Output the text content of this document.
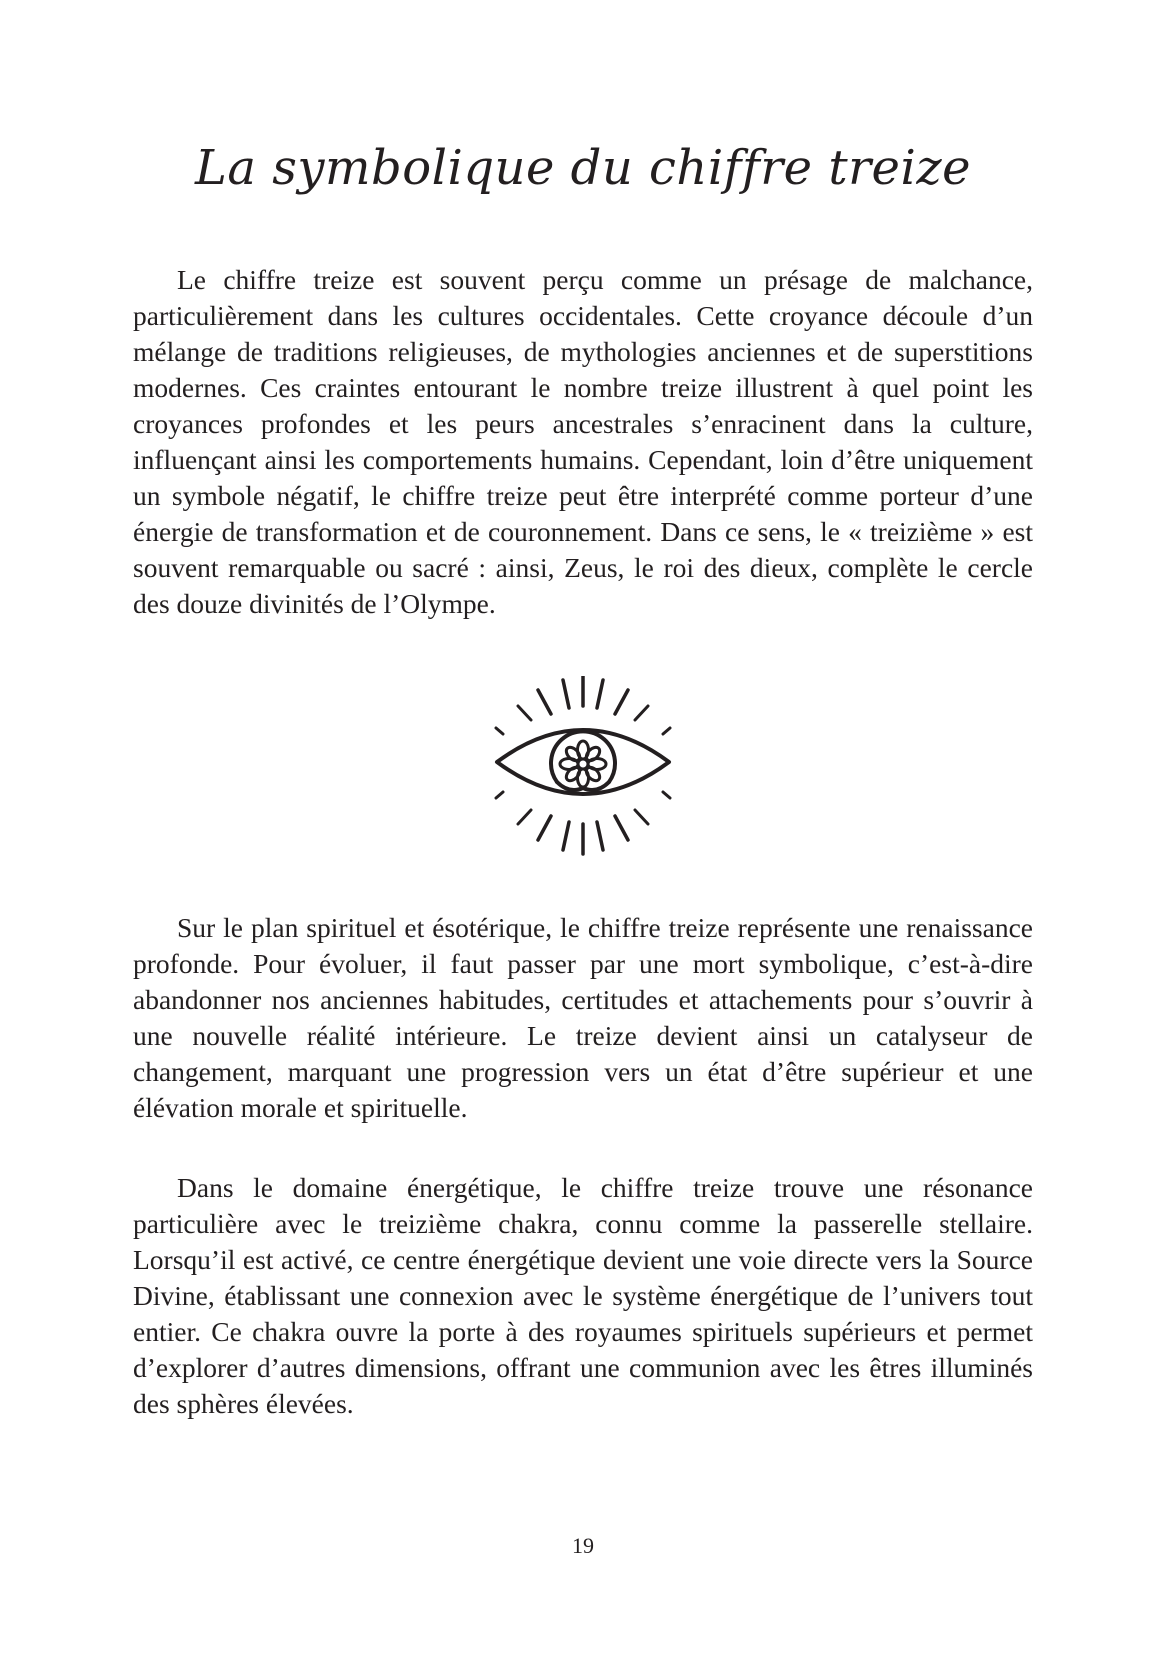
La symbolique du chiffre treize

Le chiffre treize est souvent perçu comme un présage de malchance, particulièrement dans les cultures occidentales. Cette croyance découle d’un mélange de traditions religieuses, de mythologies anciennes et de superstitions modernes. Ces craintes entourant le nombre treize illustrent à quel point les croyances profondes et les peurs ancestrales s’enracinent dans la culture, influençant ainsi les comportements humains. Cependant, loin d’être uniquement un symbole négatif, le chiffre treize peut être interprété comme porteur d’une énergie de transformation et de couronnement. Dans ce sens, le « treizième » est souvent remarquable ou sacré : ainsi, Zeus, le roi des dieux, complète le cercle des douze divinités de l’Olympe.

Sur le plan spirituel et ésotérique, le chiffre treize représente une renaissance profonde. Pour évoluer, il faut passer par une mort symbolique, c’est-à-dire abandonner nos anciennes habitudes, certitudes et attachements pour s’ouvrir à une nouvelle réalité intérieure. Le treize devient ainsi un catalyseur de changement, marquant une progression vers un état d’être supérieur et une élévation morale et spirituelle.

Dans le domaine énergétique, le chiffre treize trouve une résonance particulière avec le treizième chakra, connu comme la passerelle stellaire. Lorsqu’il est activé, ce centre énergétique devient une voie directe vers la Source Divine, établissant une connexion avec le système énergétique de l’univers tout entier. Ce chakra ouvre la porte à des royaumes spirituels supérieurs et permet d’explorer d’autres dimensions, offrant une communion avec les êtres illuminés des sphères élevées.

19
